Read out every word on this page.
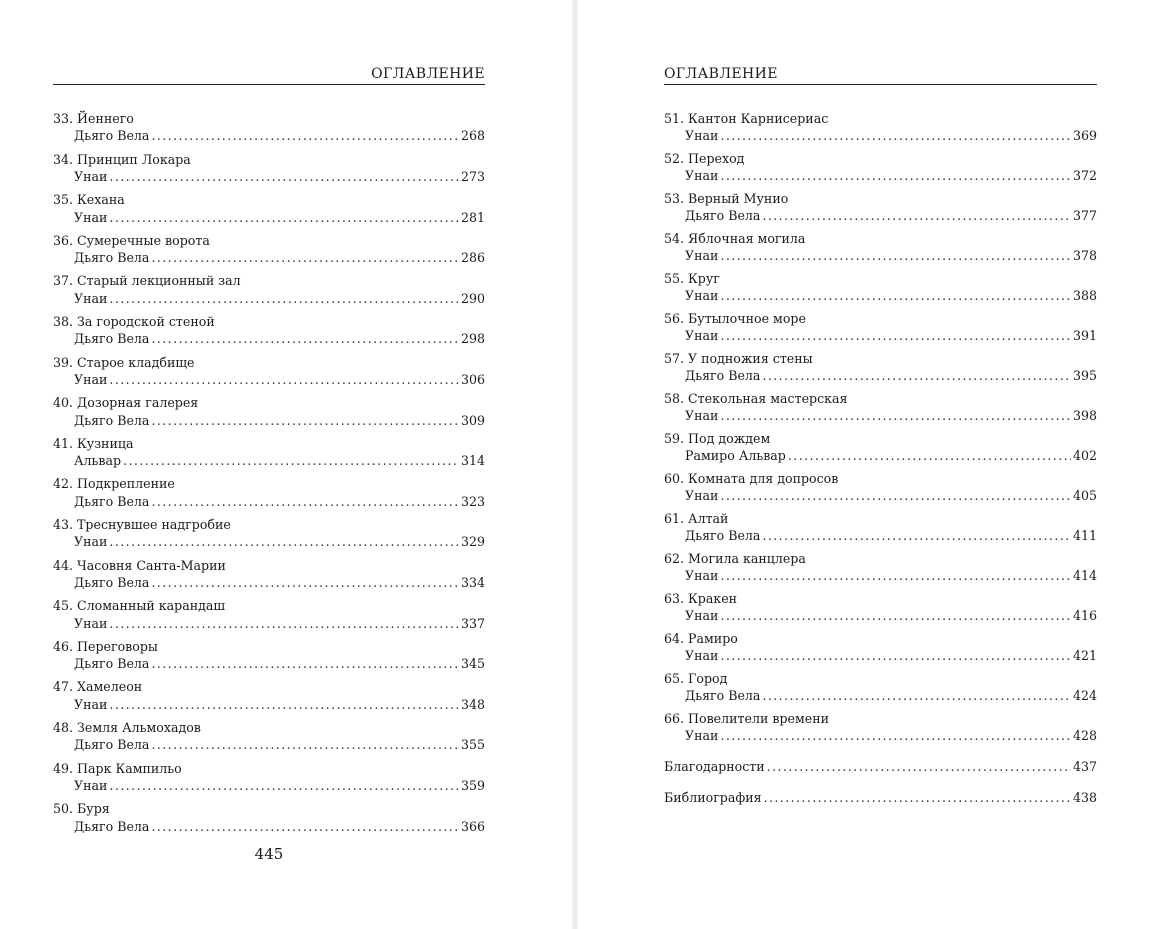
ОГЛАВЛЕНИЕ
33. Йеннего
Дьяго Вела . . .	268
34. Принцип Локара
Унаи . . .	273
35. Кехана
Унаи . . .	281
36. Сумеречные ворота
Дьяго Вела . . .	286
37. Старый лекционный зал
Унаи . . .	290
38. За городской стеной
Дьяго Вела . . .	298
39. Старое кладбище
Унаи . . .	306
40. Дозорная галерея
Дьяго Вела . . .	309
41. Кузница
Альвар . . .	314
42. Подкрепление
Дьяго Вела . . .	323
43. Треснувшее надгробие
Унаи . . .	329
44. Часовня Санта-Марии
Дьяго Вела . . .	334
45. Сломанный карандаш
Унаи . . .	337
46. Переговоры
Дьяго Вела . . .	345
47. Хамелеон
Унаи . . .	348
48. Земля Альмохадов
Дьяго Вела . . .	355
49. Парк Кампильо
Унаи . . .	359
50. Буря
Дьяго Вела . . .	366
445
ОГЛАВЛЕНИЕ
51. Кантон Карнисериас
Унаи . . .	369
52. Переход
Унаи . . .	372
53. Верный Мунио
Дьяго Вела . . .	377
54. Яблочная могила
Унаи . . .	378
55. Круг
Унаи . . .	388
56. Бутылочное море
Унаи . . .	391
57. У подножия стены
Дьяго Вела . . .	395
58. Стекольная мастерская
Унаи . . .	398
59. Под дождем
Рамиро Альвар . . .	402
60. Комната для допросов
Унаи . . .	405
61. Алтай
Дьяго Вела . . .	411
62. Могила канцлера
Унаи . . .	414
63. Кракен
Унаи . . .	416
64. Рамиро
Унаи . . .	421
65. Город
Дьяго Вела . . .	424
66. Повелители времени
Унаи . . .	428
Благодарности . . .	437
Библиография . . .	438
